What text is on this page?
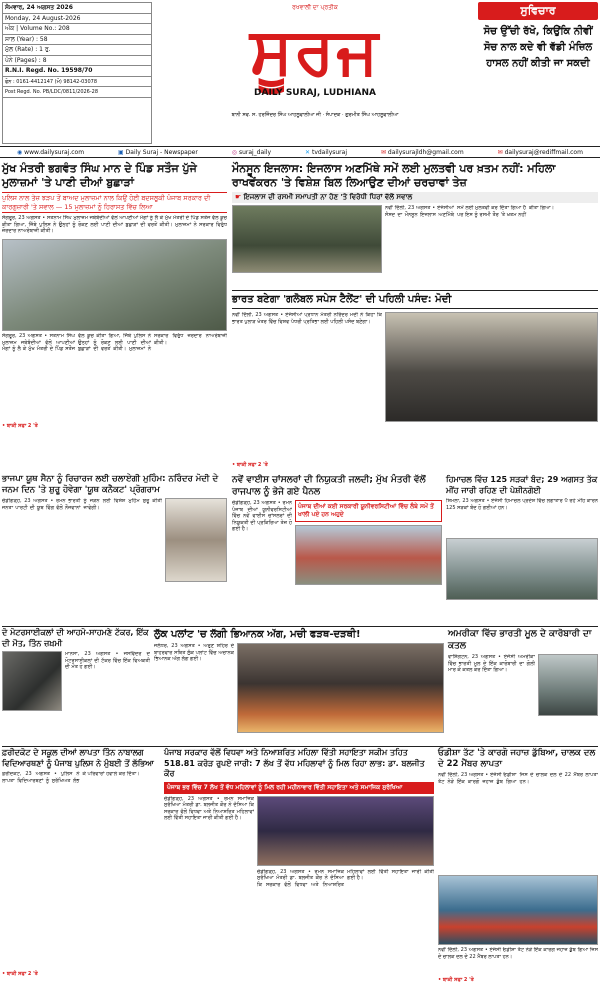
ਸੋਮਵਾਰ, 24 ਅਗਸਤ 2026
Monday, 24 August-2026
ਅੰਕ | Volume No.: 208
ਸਾਲ (Year) : 58
ਮੁੱਲ (Rate) : 1 ਰੁ.
ਪੰਨੇ (Pages) : 8
R.N.I. Regd. No. 19598/70
ਫੋਨ : 0161-4412147 (ਮੋ) 98142-03078
Post Regd. No. PB/LDC/0811/2026-28
ਰਖਵਾਲੀ ਦਾ ਪ੍ਰਤੀਕ
ਸੂਰਜ
DAILY SURAJ, LUDHIANA
ਬਾਨੀ ਸਵ. ਸ. ਹਰਜਿੰਦਰ ਸਿੰਘ ਆਹਲੂਵਾਲੀਆ ਜੀ · ਸੰਪਾਦਕ · ਗੁਰਮੀਤ ਸਿੰਘ ਆਹਲੂਵਾਲੀਆ
ਸੁਵਿਚਾਰ
ਸੋਚ ਉੱਚੀ ਰੱਖੋ, ਕਿਉਂਕਿ ਨੀਵੀਂ ਸੋਚ ਨਾਲ ਕਦੇ ਵੀ ਵੱਡੀ ਮੰਜ਼ਿਲ ਹਾਸਲ ਨਹੀਂ ਕੀਤੀ ਜਾ ਸਕਦੀ
◉ www.dailysuraj.com	▣ Daily Suraj - Newspaper	◎ suraj_daily	✕ tvdailysuraj	✉ dailysurajldh@gmail.com	✉ dailysuraj@rediffmail.com
ਮੁੱਖ ਮੰਤਰੀ ਭਗਵੰਤ ਸਿੰਘ ਮਾਨ ਦੇ ਪਿੰਡ ਸਤੌਜ ਪੁੱਜੇ ਮੁਲਾਜ਼ਮਾਂ 'ਤੇ ਪਾਣੀ ਦੀਆਂ ਬੁਛਾੜਾਂ
ਪੁਲਿਸ ਨਾਲ ਤੇਜ਼ ਝੜਪ ਤੋਂ ਬਾਅਦ ਮੁਲਾਜ਼ਮਾਂ ਨਾਲ ਕਿਉਂ ਹੋਈ ਬਦਸਲੂਕੀ ਪੰਜਾਬ ਸਰਕਾਰ ਦੀ ਕਾਰਗੁਜ਼ਾਰੀ 'ਤੇ ਸਵਾਲ — 15 ਮੁਲਾਜ਼ਮਾਂ ਨੂੰ ਹਿਰਾਸਤ ਵਿੱਚ ਲਿਆ
ਸੰਗਰੂਰ, 23 ਅਗਸਤ • ਸਤਨਾਮ ਸਿੰਘ ਮੁਲਾਜ਼ਮ ਜਥੇਬੰਦੀਆਂ ਵੱਲੋਂ ਆਪਣੀਆਂ ਮੰਗਾਂ ਨੂੰ ਲੈ ਕੇ ਮੁੱਖ ਮੰਤਰੀ ਦੇ ਪਿੰਡ ਸਤੌਜ ਵੱਲ ਕੂਚ ਕੀਤਾ ਗਿਆ, ਜਿੱਥੇ ਪੁਲਿਸ ਨੇ ਉਨ੍ਹਾਂ ਨੂੰ ਰੋਕਣ ਲਈ ਪਾਣੀ ਦੀਆਂ ਬੁਛਾੜਾਂ ਦੀ ਵਰਤੋਂ ਕੀਤੀ। ਮੁਲਾਜ਼ਮਾਂ ਨੇ ਸਰਕਾਰ ਵਿਰੁੱਧ ਜ਼ੋਰਦਾਰ ਨਾਅਰੇਬਾਜ਼ੀ ਕੀਤੀ।
ਸੰਗਰੂਰ, 23 ਅਗਸਤ • ਸਤਨਾਮ ਸਿੰਘ ਮੁਲਾਜ਼ਮ ਜਥੇਬੰਦੀਆਂ ਵੱਲੋਂ ਆਪਣੀਆਂ ਮੰਗਾਂ ਨੂੰ ਲੈ ਕੇ ਮੁੱਖ ਮੰਤਰੀ ਦੇ ਪਿੰਡ ਸਤੌਜ ਵੱਲ ਕੂਚ ਕੀਤਾ ਗਿਆ, ਜਿੱਥੇ ਪੁਲਿਸ ਨੇ ਉਨ੍ਹਾਂ ਨੂੰ ਰੋਕਣ ਲਈ ਪਾਣੀ ਦੀਆਂ ਬੁਛਾੜਾਂ ਦੀ ਵਰਤੋਂ ਕੀਤੀ। ਮੁਲਾਜ਼ਮਾਂ ਨੇ ਸਰਕਾਰ ਵਿਰੁੱਧ ਜ਼ੋਰਦਾਰ ਨਾਅਰੇਬਾਜ਼ੀ ਕੀਤੀ।
• ਬਾਕੀ ਸਫਾ 2 'ਤੇ
ਮੌਨਸੂਨ ਇਜਲਾਸ: ਇਜਲਾਸ ਅਣਮਿੱਥੇ ਸਮੇਂ ਲਈ ਮੁਲਤਵੀ ਪਰ ਖ਼ਤਮ ਨਹੀਂ: ਮਹਿਲਾ ਰਾਖਵੇਂਕਰਨ 'ਤੇ ਵਿਸ਼ੇਸ਼ ਬਿਲ ਲਿਆਉਣ ਦੀਆਂ ਚਰਚਾਵਾਂ ਤੇਜ਼
☛ ਇਜਲਾਸ ਦੀ ਰਸਮੀ ਸਮਾਪਤੀ ਨਾ ਹੋਣ 'ਤੇ ਵਿਰੋਧੀ ਧਿਰਾਂ ਵੱਲੋਂ ਸਵਾਲ
ਨਵੀਂ ਦਿੱਲੀ, 23 ਅਗਸਤ • ਏਜੰਸੀਆਂ ਸੰਸਦ ਦਾ ਮੌਨਸੂਨ ਇਜਲਾਸ ਅਣਮਿੱਥੇ ਸਮੇਂ ਲਈ ਮੁਲਤਵੀ ਕਰ ਦਿੱਤਾ ਗਿਆ ਹੈ ਪਰ ਇਸ ਨੂੰ ਰਸਮੀ ਤੌਰ 'ਤੇ ਖ਼ਤਮ ਨਹੀਂ ਕੀਤਾ ਗਿਆ।
ਭਾਰਤ ਬਣੇਗਾ 'ਗਲੋਬਲ ਸਪੇਸ ਟੈਲੇਂਟ' ਦੀ ਪਹਿਲੀ ਪਸੰਦ: ਮੋਦੀ
ਨਵੀਂ ਦਿੱਲੀ, 23 ਅਗਸਤ • ਏਜੰਸੀਆਂ ਪ੍ਰਧਾਨ ਮੰਤਰੀ ਨਰਿੰਦਰ ਮੋਦੀ ਨੇ ਕਿਹਾ ਕਿ ਭਾਰਤ ਪੁਲਾੜ ਖੇਤਰ ਵਿੱਚ ਵਿਸ਼ਵ ਪੱਧਰੀ ਪ੍ਰਤਿਭਾ ਲਈ ਪਹਿਲੀ ਪਸੰਦ ਬਣੇਗਾ।
• ਬਾਕੀ ਸਫਾ 2 'ਤੇ
ਭਾਜਪਾ ਯੂਥ ਸੈਨਾ ਨੂੰ ਰਿਚਾਰਜ ਲਈ ਚਲਾਏਗੀ ਮੁਹਿੰਮ: ਨਰਿੰਦਰ ਮੋਦੀ ਦੇ ਜਨਮ ਦਿਨ 'ਤੇ ਸ਼ੁਰੂ ਹੋਵੇਗਾ 'ਯੂਥ ਕਨੈਕਟ' ਪ੍ਰੋਗਰਾਮ
ਚੰਡੀਗੜ੍ਹ, 23 ਅਗਸਤ • ਰਮਨ ਭਾਰਤੀ ਜਨਤਾ ਪਾਰਟੀ ਦੀ ਯੂਥ ਵਿੰਗ ਵੱਲੋਂ ਨੌਜਵਾਨਾਂ ਨੂੰ ਜੋੜਨ ਲਈ ਵਿਸ਼ੇਸ਼ ਮੁਹਿੰਮ ਸ਼ੁਰੂ ਕੀਤੀ ਜਾਵੇਗੀ।
ਨਵੇਂ ਵਾਈਸ ਚਾਂਸਲਰਾਂ ਦੀ ਨਿਯੁਕਤੀ ਜਲਦੀ; ਮੁੱਖ ਮੰਤਰੀ ਵੱਲੋਂ ਰਾਜਪਾਲ ਨੂੰ ਭੇਜੇ ਗਏ ਪੈਨਲ
ਚੰਡੀਗੜ੍ਹ, 23 ਅਗਸਤ • ਰਮਨ ਪੰਜਾਬ ਦੀਆਂ ਯੂਨੀਵਰਸਿਟੀਆਂ ਵਿੱਚ ਨਵੇਂ ਵਾਈਸ ਚਾਂਸਲਰਾਂ ਦੀ ਨਿਯੁਕਤੀ ਦੀ ਪ੍ਰਕਿਰਿਆ ਤੇਜ਼ ਹੋ ਗਈ ਹੈ।
ਪੰਜਾਬ ਦੀਆਂ ਕਈ ਸਰਕਾਰੀ ਯੂਨੀਵਰਸਿਟੀਆਂ ਵਿੱਚ ਲੰਬੇ ਸਮੇਂ ਤੋਂ ਖਾਲੀ ਪਏ ਹਨ ਅਹੁਦੇ
ਹਿਮਾਚਲ ਵਿੱਚ 125 ਸੜਕਾਂ ਬੰਦ; 29 ਅਗਸਤ ਤੱਕ ਮੀਂਹ ਜਾਰੀ ਰਹਿਣ ਦੀ ਪੇਸ਼ੀਨਗੋਈ
ਸ਼ਿਮਲਾ, 23 ਅਗਸਤ • ਏਜੰਸੀ ਹਿਮਾਚਲ ਪ੍ਰਦੇਸ਼ ਵਿੱਚ ਲਗਾਤਾਰ ਪੈ ਰਹੇ ਮੀਂਹ ਕਾਰਨ 125 ਸੜਕਾਂ ਬੰਦ ਹੋ ਗਈਆਂ ਹਨ।
ਦੋ ਮੋਟਰਸਾਈਕਲਾਂ ਦੀ ਆਹਮੋ-ਸਾਹਮਣੇ ਟੱਕਰ, ਇੱਕ ਦੀ ਮੌਤ, ਤਿੰਨ ਜ਼ਖ਼ਮੀ
ਮਾਨਸਾ, 23 ਅਗਸਤ • ਜਸਵਿੰਦਰ ਦੋ ਮੋਟਰਸਾਈਕਲਾਂ ਦੀ ਟੱਕਰ ਵਿੱਚ ਇੱਕ ਵਿਅਕਤੀ ਦੀ ਮੌਤ ਹੋ ਗਈ।
ਲੁੱਕ ਪਲਾਂਟ 'ਚ ਲੱਗੀ ਭਿਆਨਕ ਅੱਗ, ਮਚੀ ਫੜਥ-ਦੜਥੀ!
ਜਲੰਧਰ, 23 ਅਗਸਤ • ਅਰੁਣ ਸ਼ਹਿਰ ਦੇ ਬਾਹਰਵਾਰ ਸਥਿਤ ਲੁੱਕ ਪਲਾਂਟ ਵਿੱਚ ਅਚਾਨਕ ਭਿਆਨਕ ਅੱਗ ਲੱਗ ਗਈ।
ਅਮਰੀਕਾ ਵਿੱਚ ਭਾਰਤੀ ਮੂਲ ਦੇ ਕਾਰੋਬਾਰੀ ਦਾ ਕਤਲ
ਵਾਸ਼ਿੰਗਟਨ, 23 ਅਗਸਤ • ਏਜੰਸੀ ਅਮਰੀਕਾ ਵਿੱਚ ਭਾਰਤੀ ਮੂਲ ਦੇ ਇੱਕ ਕਾਰੋਬਾਰੀ ਦਾ ਗੋਲੀ ਮਾਰ ਕੇ ਕਤਲ ਕਰ ਦਿੱਤਾ ਗਿਆ।
ਫ਼ਰੀਦਕੋਟ ਦੇ ਸਕੂਲ ਦੀਆਂ ਲਾਪਤਾ ਤਿੰਨ ਨਾਬਾਲਗ ਵਿਦਿਆਰਥਣਾਂ ਨੂੰ ਪੰਜਾਬ ਪੁਲਿਸ ਨੇ ਮੁੰਬਈ ਤੋਂ ਲੱਭਿਆ
ਫ਼ਰੀਦਕੋਟ, 23 ਅਗਸਤ • ਪੁਲਿਸ ਨੇ ਲਾਪਤਾ ਵਿਦਿਆਰਥਣਾਂ ਨੂੰ ਸੁਰੱਖਿਅਤ ਲੱਭ ਕੇ ਪਰਿਵਾਰਾਂ ਹਵਾਲੇ ਕਰ ਦਿੱਤਾ।
• ਬਾਕੀ ਸਫਾ 2 'ਤੇ
ਪੰਜਾਬ ਸਰਕਾਰ ਵੱਲੋਂ ਵਿਧਵਾ ਅਤੇ ਨਿਆਸ਼ਰਿਤ ਮਹਿਲਾ ਵਿੱਤੀ ਸਹਾਇਤਾ ਸਕੀਮ ਤਹਿਤ 518.81 ਕਰੋੜ ਰੁਪਏ ਜਾਰੀ: 7 ਲੱਖ ਤੋਂ ਵੱਧ ਮਹਿਲਾਵਾਂ ਨੂੰ ਮਿਲ ਰਿਹਾ ਲਾਭ: ਡਾ. ਬਲਜੀਤ ਕੌਰ
ਪੰਜਾਬ ਭਰ ਵਿੱਚ 7 ਲੱਖ ਤੋਂ ਵੱਧ ਮਹਿਲਾਵਾਂ ਨੂੰ ਮਿਲ ਰਹੀ ਮਹੀਨਾਵਾਰ ਵਿੱਤੀ ਸਹਾਇਤਾ ਅਤੇ ਸਮਾਜਿਕ ਸੁਰੱਖਿਆ
ਚੰਡੀਗੜ੍ਹ, 23 ਅਗਸਤ • ਰਮਨ ਸਮਾਜਿਕ ਸੁਰੱਖਿਆ ਮੰਤਰੀ ਡਾ. ਬਲਜੀਤ ਕੌਰ ਨੇ ਦੱਸਿਆ ਕਿ ਸਰਕਾਰ ਵੱਲੋਂ ਵਿਧਵਾ ਅਤੇ ਨਿਆਸ਼ਰਿਤ ਮਹਿਲਾਵਾਂ ਲਈ ਵਿੱਤੀ ਸਹਾਇਤਾ ਜਾਰੀ ਕੀਤੀ ਗਈ ਹੈ।
ਚੰਡੀਗੜ੍ਹ, 23 ਅਗਸਤ • ਰਮਨ ਸਮਾਜਿਕ ਸੁਰੱਖਿਆ ਮੰਤਰੀ ਡਾ. ਬਲਜੀਤ ਕੌਰ ਨੇ ਦੱਸਿਆ ਕਿ ਸਰਕਾਰ ਵੱਲੋਂ ਵਿਧਵਾ ਅਤੇ ਨਿਆਸ਼ਰਿਤ ਮਹਿਲਾਵਾਂ ਲਈ ਵਿੱਤੀ ਸਹਾਇਤਾ ਜਾਰੀ ਕੀਤੀ ਗਈ ਹੈ।
ਓਡੀਸ਼ਾ ਤੱਟ 'ਤੇ ਕਾਰਗੋ ਜਹਾਜ਼ ਡੁੱਬਿਆ, ਚਾਲਕ ਦਲ ਦੇ 22 ਮੈਂਬਰ ਲਾਪਤਾ
ਨਵੀਂ ਦਿੱਲੀ, 23 ਅਗਸਤ • ਏਜੰਸੀ ਓਡੀਸ਼ਾ ਤੱਟ ਨੇੜੇ ਇੱਕ ਕਾਰਗੋ ਜਹਾਜ਼ ਡੁੱਬ ਗਿਆ ਜਿਸ ਦੇ ਚਾਲਕ ਦਲ ਦੇ 22 ਮੈਂਬਰ ਲਾਪਤਾ ਹਨ।
ਨਵੀਂ ਦਿੱਲੀ, 23 ਅਗਸਤ • ਏਜੰਸੀ ਓਡੀਸ਼ਾ ਤੱਟ ਨੇੜੇ ਇੱਕ ਕਾਰਗੋ ਜਹਾਜ਼ ਡੁੱਬ ਗਿਆ ਜਿਸ ਦੇ ਚਾਲਕ ਦਲ ਦੇ 22 ਮੈਂਬਰ ਲਾਪਤਾ ਹਨ।
• ਬਾਕੀ ਸਫਾ 2 'ਤੇ
